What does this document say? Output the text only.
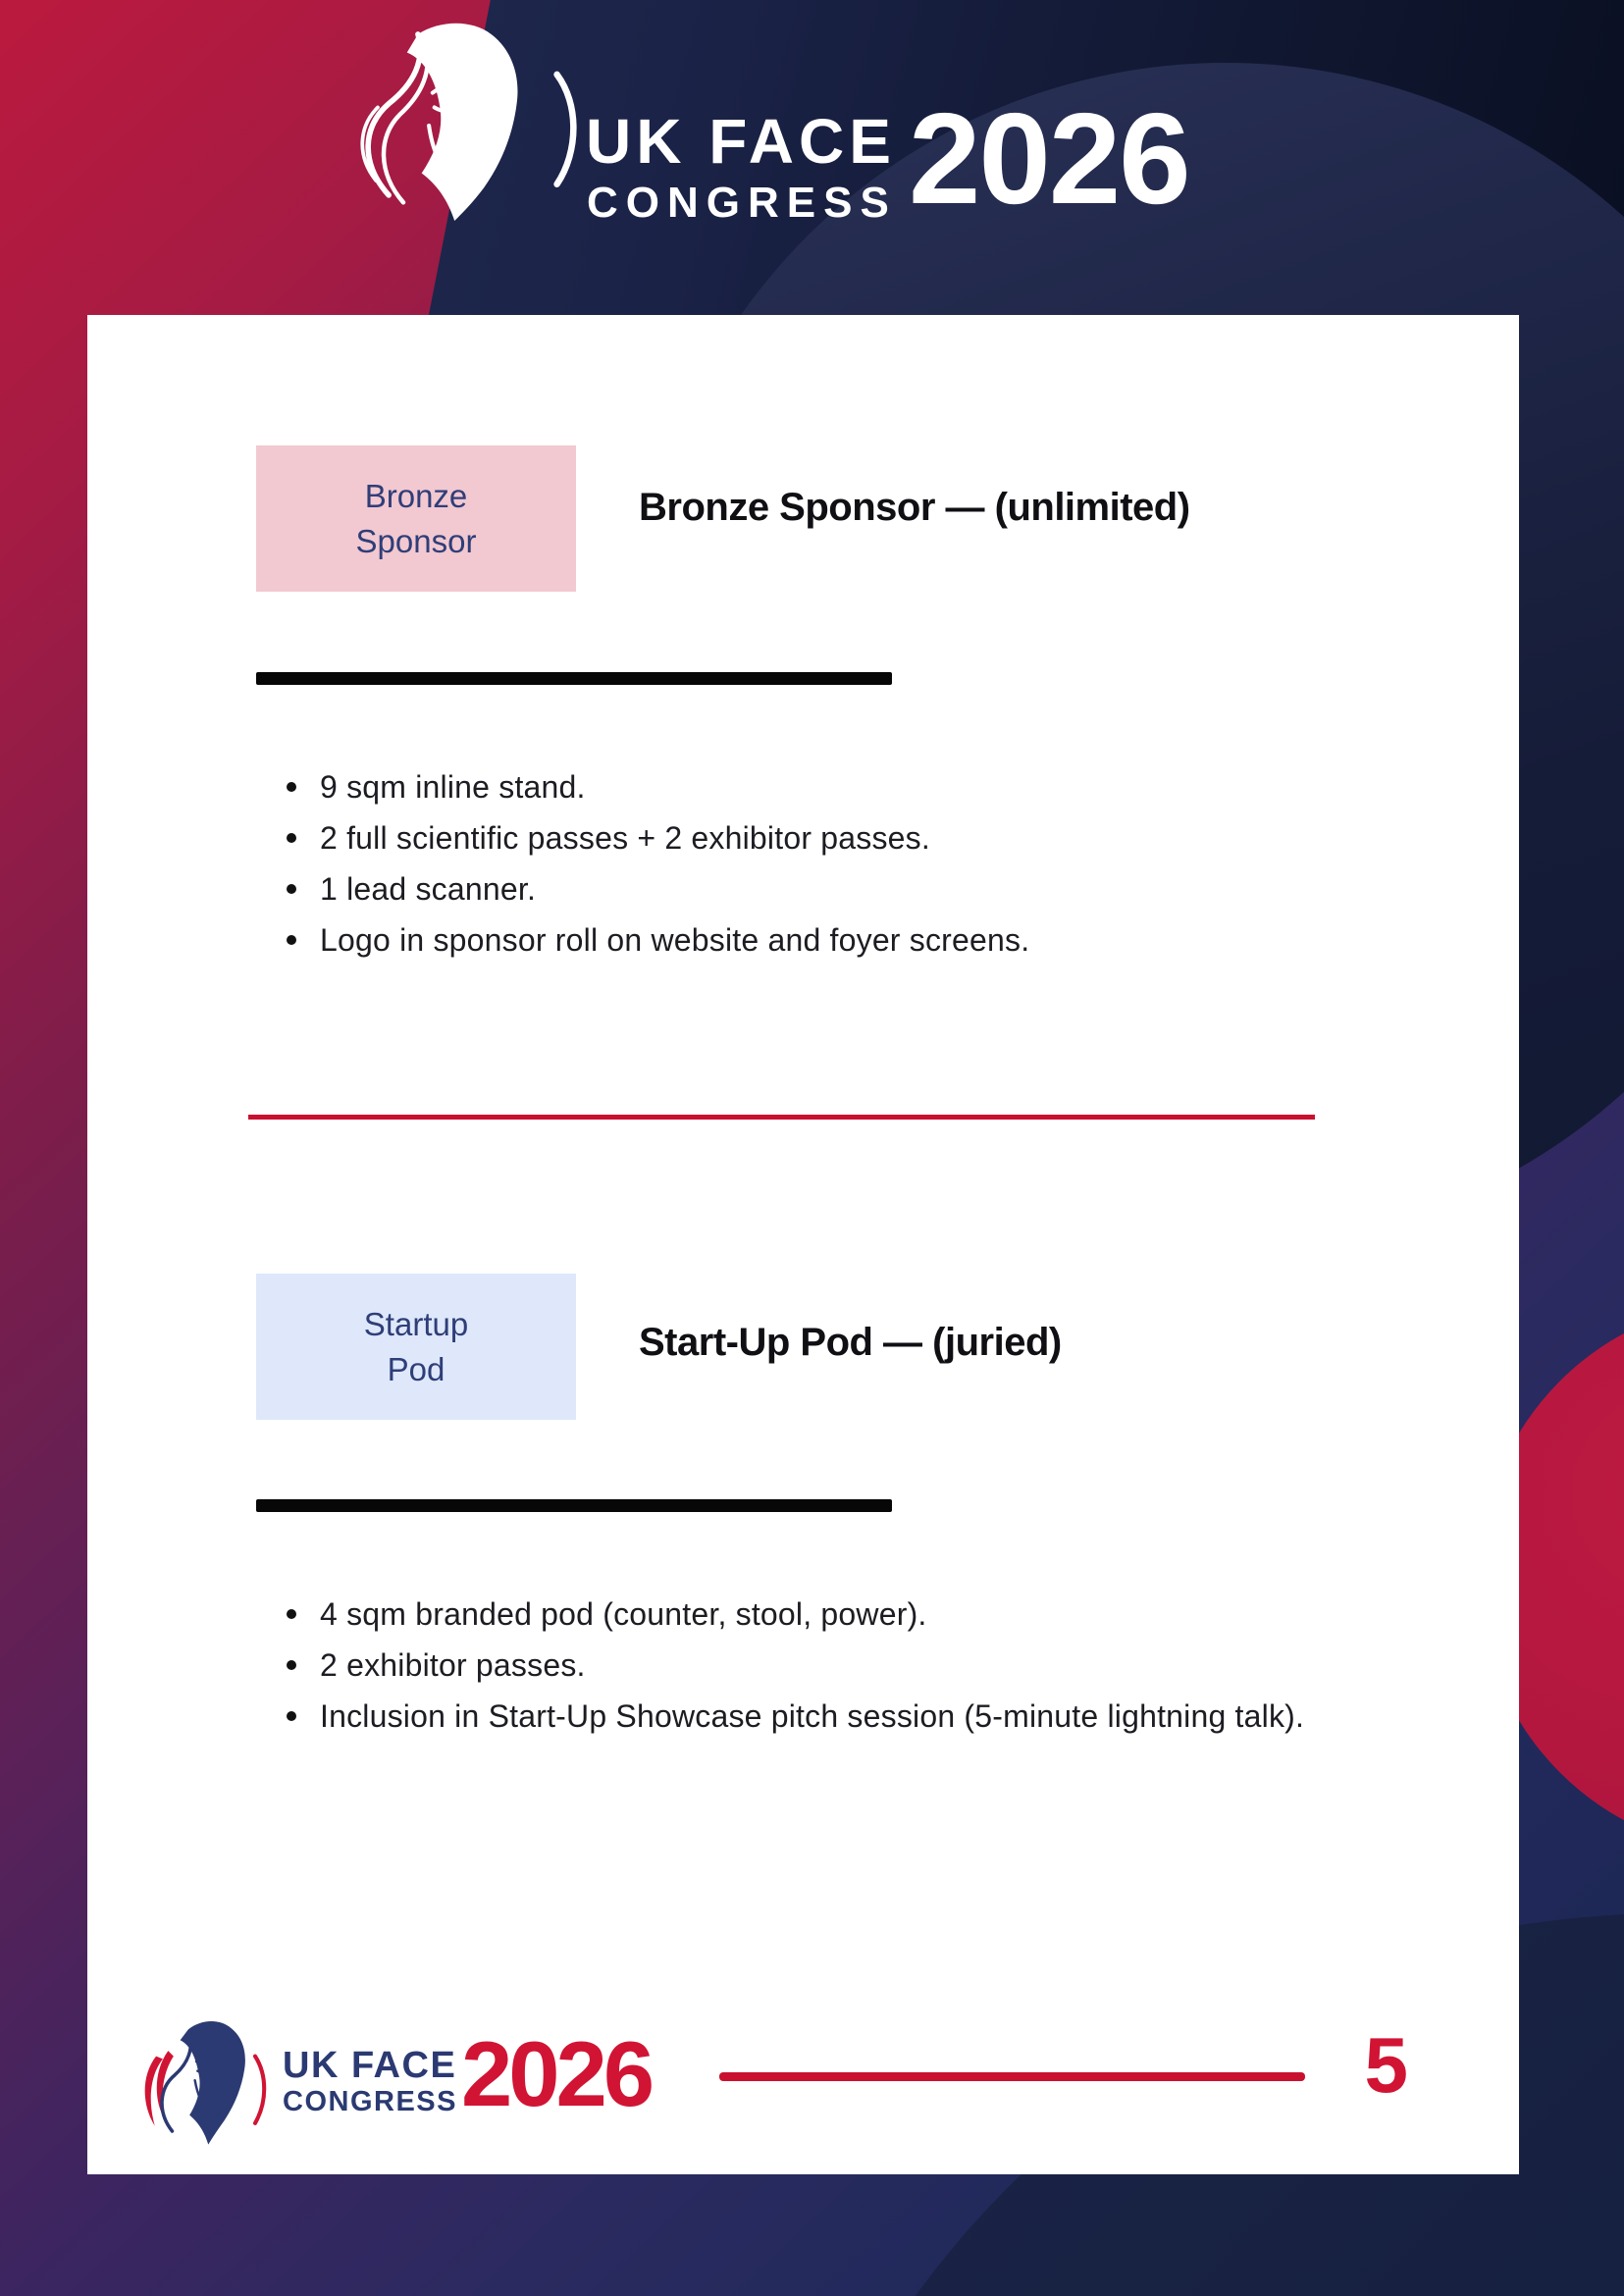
UK FACE
CONGRESS 2026
Bronze
Sponsor
Bronze Sponsor — (unlimited)
9 sqm inline stand.
2 full scientific passes + 2 exhibitor passes.
1 lead scanner.
Logo in sponsor roll on website and foyer screens.
Startup
Pod
Start-Up Pod — (juried)
4 sqm branded pod (counter, stool, power).
2 exhibitor passes.
Inclusion in Start-Up Showcase pitch session (5-minute lightning talk).
UK FACE
CONGRESS 2026	5
